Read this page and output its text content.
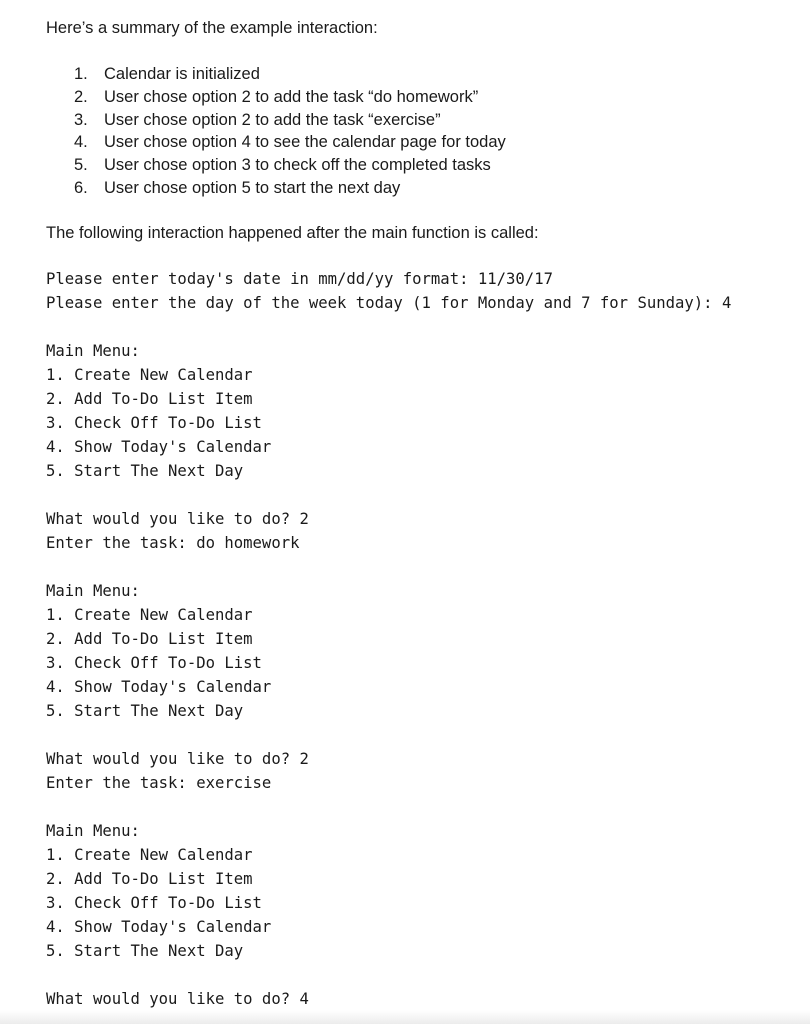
Here’s a summary of the example interaction:

1. Calendar is initialized
2. User chose option 2 to add the task “do homework”
3. User chose option 2 to add the task “exercise”
4. User chose option 4 to see the calendar page for today
5. User chose option 3 to check off the completed tasks
6. User chose option 5 to start the next day

The following interaction happened after the main function is called:

Please enter today's date in mm/dd/yy format: 11/30/17
Please enter the day of the week today (1 for Monday and 7 for Sunday): 4
Main Menu:
1. Create New Calendar
2. Add To-Do List Item
3. Check Off To-Do List
4. Show Today's Calendar
5. Start The Next Day
What would you like to do? 2
Enter the task: do homework
Main Menu:
1. Create New Calendar
2. Add To-Do List Item
3. Check Off To-Do List
4. Show Today's Calendar
5. Start The Next Day
What would you like to do? 2
Enter the task: exercise
Main Menu:
1. Create New Calendar
2. Add To-Do List Item
3. Check Off To-Do List
4. Show Today's Calendar
5. Start The Next Day
What would you like to do? 4
